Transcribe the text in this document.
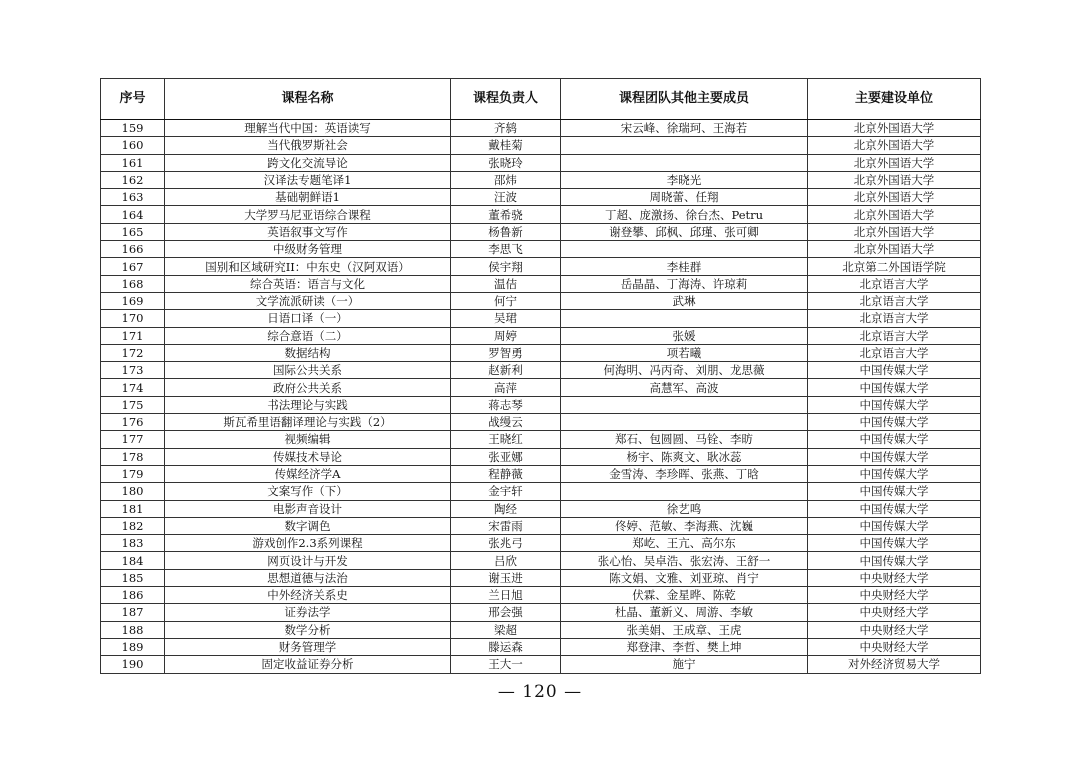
序号	课程名称	课程负责人	课程团队其他主要成员	主要建设单位
159	理解当代中国：英语读写	齐鸫	宋云峰、徐瑞珂、王海若	北京外国语大学
160	当代俄罗斯社会	戴桂菊		北京外国语大学
161	跨文化交流导论	张晓玲		北京外国语大学
162	汉译法专题笔译1	邵炜	李晓光	北京外国语大学
163	基础朝鲜语1	汪波	周晓蕾、任翔	北京外国语大学
164	大学罗马尼亚语综合课程	董希骁	丁超、庞激扬、徐台杰、Petru	北京外国语大学
165	英语叙事文写作	杨鲁新	谢登攀、邱枫、邱瑾、张可卿	北京外国语大学
166	中级财务管理	李思飞		北京外国语大学
167	国别和区域研究II：中东史（汉阿双语）	侯宇翔	李桂群	北京第二外国语学院
168	综合英语：语言与文化	温佶	岳晶晶、丁海涛、许琼莉	北京语言大学
169	文学流派研读（一）	何宁	武琳	北京语言大学
170	日语口译（一）	吴珺		北京语言大学
171	综合意语（二）	周婷	张媛	北京语言大学
172	数据结构	罗智勇	项若曦	北京语言大学
173	国际公共关系	赵新利	何海明、冯丙奇、刘朋、龙思薇	中国传媒大学
174	政府公共关系	高萍	高慧军、高波	中国传媒大学
175	书法理论与实践	蒋志琴		中国传媒大学
176	斯瓦希里语翻译理论与实践（2）	战缦云		中国传媒大学
177	视频编辑	王晓红	郑石、包圆圆、马铨、李昉	中国传媒大学
178	传媒技术导论	张亚娜	杨宇、陈爽文、耿冰蕊	中国传媒大学
179	传媒经济学A	程静薇	金雪涛、李珍晖、张燕、丁晗	中国传媒大学
180	文案写作（下）	金宇轩		中国传媒大学
181	电影声音设计	陶经	徐艺鸣	中国传媒大学
182	数字调色	宋雷雨	佟婷、范敏、李海燕、沈巍	中国传媒大学
183	游戏创作2.3系列课程	张兆弓	郑屹、王亢、高尔东	中国传媒大学
184	网页设计与开发	吕欣	张心怡、吴卓浩、张宏涛、王舒一	中国传媒大学
185	思想道德与法治	谢玉进	陈文娟、文雅、刘亚琼、肖宁	中央财经大学
186	中外经济关系史	兰日旭	伏霖、金星晔、陈乾	中央财经大学
187	证券法学	邢会强	杜晶、董新义、周游、李敏	中央财经大学
188	数学分析	梁超	张美娟、王成章、王虎	中央财经大学
189	财务管理学	滕运森	郑登津、李哲、樊上坤	中央财经大学
190	固定收益证券分析	王大一	施宁	对外经济贸易大学
— 120 —
